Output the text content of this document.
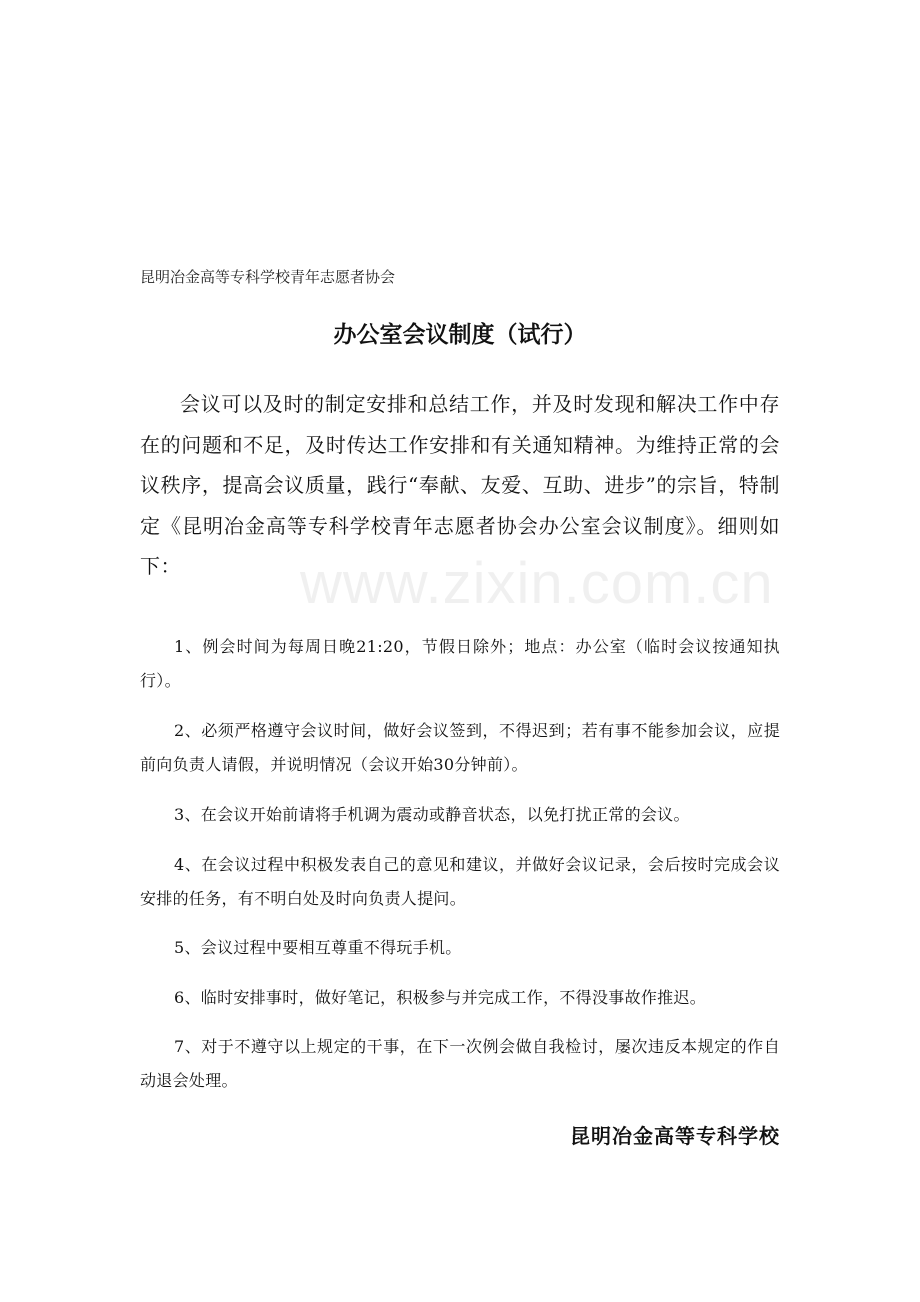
www.zixin.com.cn
昆明冶金高等专科学校青年志愿者协会
办公室会议制度（试行）
会议可以及时的制定安排和总结工作，并及时发现和解决工作中存在的问题和不足，及时传达工作安排和有关通知精神。为维持正常的会议秩序，提高会议质量，践行“奉献、友爱、互助、进步”的宗旨，特制定《昆明冶金高等专科学校青年志愿者协会办公室会议制度》。细则如下：
1、例会时间为每周日晚21:20，节假日除外；地点：办公室（临时会议按通知执行）。
2、必须严格遵守会议时间，做好会议签到，不得迟到；若有事不能参加会议，应提前向负责人请假，并说明情况（会议开始30分钟前）。
3、在会议开始前请将手机调为震动或静音状态，以免打扰正常的会议。
4、在会议过程中积极发表自己的意见和建议，并做好会议记录，会后按时完成会议安排的任务，有不明白处及时向负责人提问。
5、会议过程中要相互尊重不得玩手机。
6、临时安排事时，做好笔记，积极参与并完成工作，不得没事故作推迟。
7、对于不遵守以上规定的干事，在下一次例会做自我检讨，屡次违反本规定的作自动退会处理。
昆明冶金高等专科学校
